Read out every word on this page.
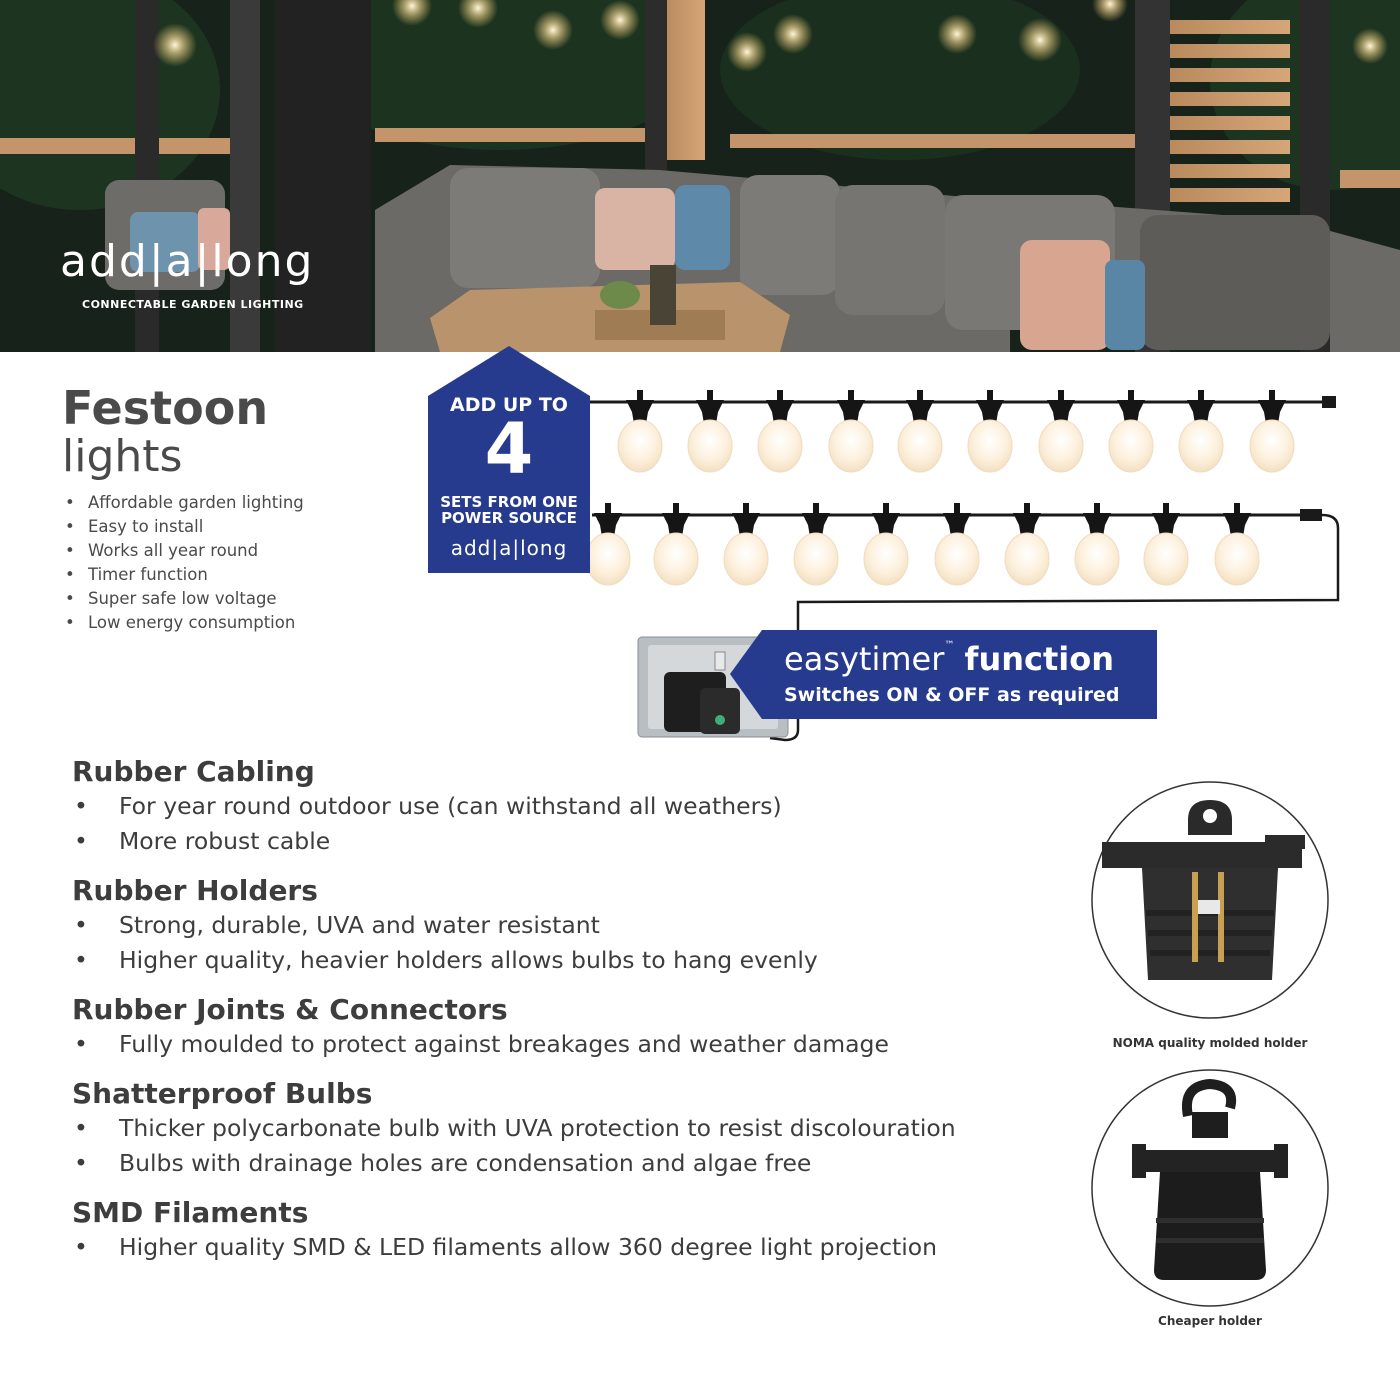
add|a|long
CONNECTABLE GARDEN LIGHTING
Festoon
lights
• Affordable garden lighting
• Easy to install
• Works all year round
• Timer function
• Super safe low voltage
• Low energy consumption
ADD UP TO
4
SETS FROM ONE
POWER SOURCE
add|a|long
easytimer™ function
Switches ON & OFF as required
Rubber Cabling
• For year round outdoor use (can withstand all weathers)
• More robust cable
Rubber Holders
• Strong, durable, UVA and water resistant
• Higher quality, heavier holders allows bulbs to hang evenly
Rubber Joints & Connectors
• Fully moulded to protect against breakages and weather damage
Shatterproof Bulbs
• Thicker polycarbonate bulb with UVA protection to resist discolouration
• Bulbs with drainage holes are condensation and algae free
SMD Filaments
• Higher quality SMD & LED filaments allow 360 degree light projection
NOMA quality molded holder
Cheaper holder
